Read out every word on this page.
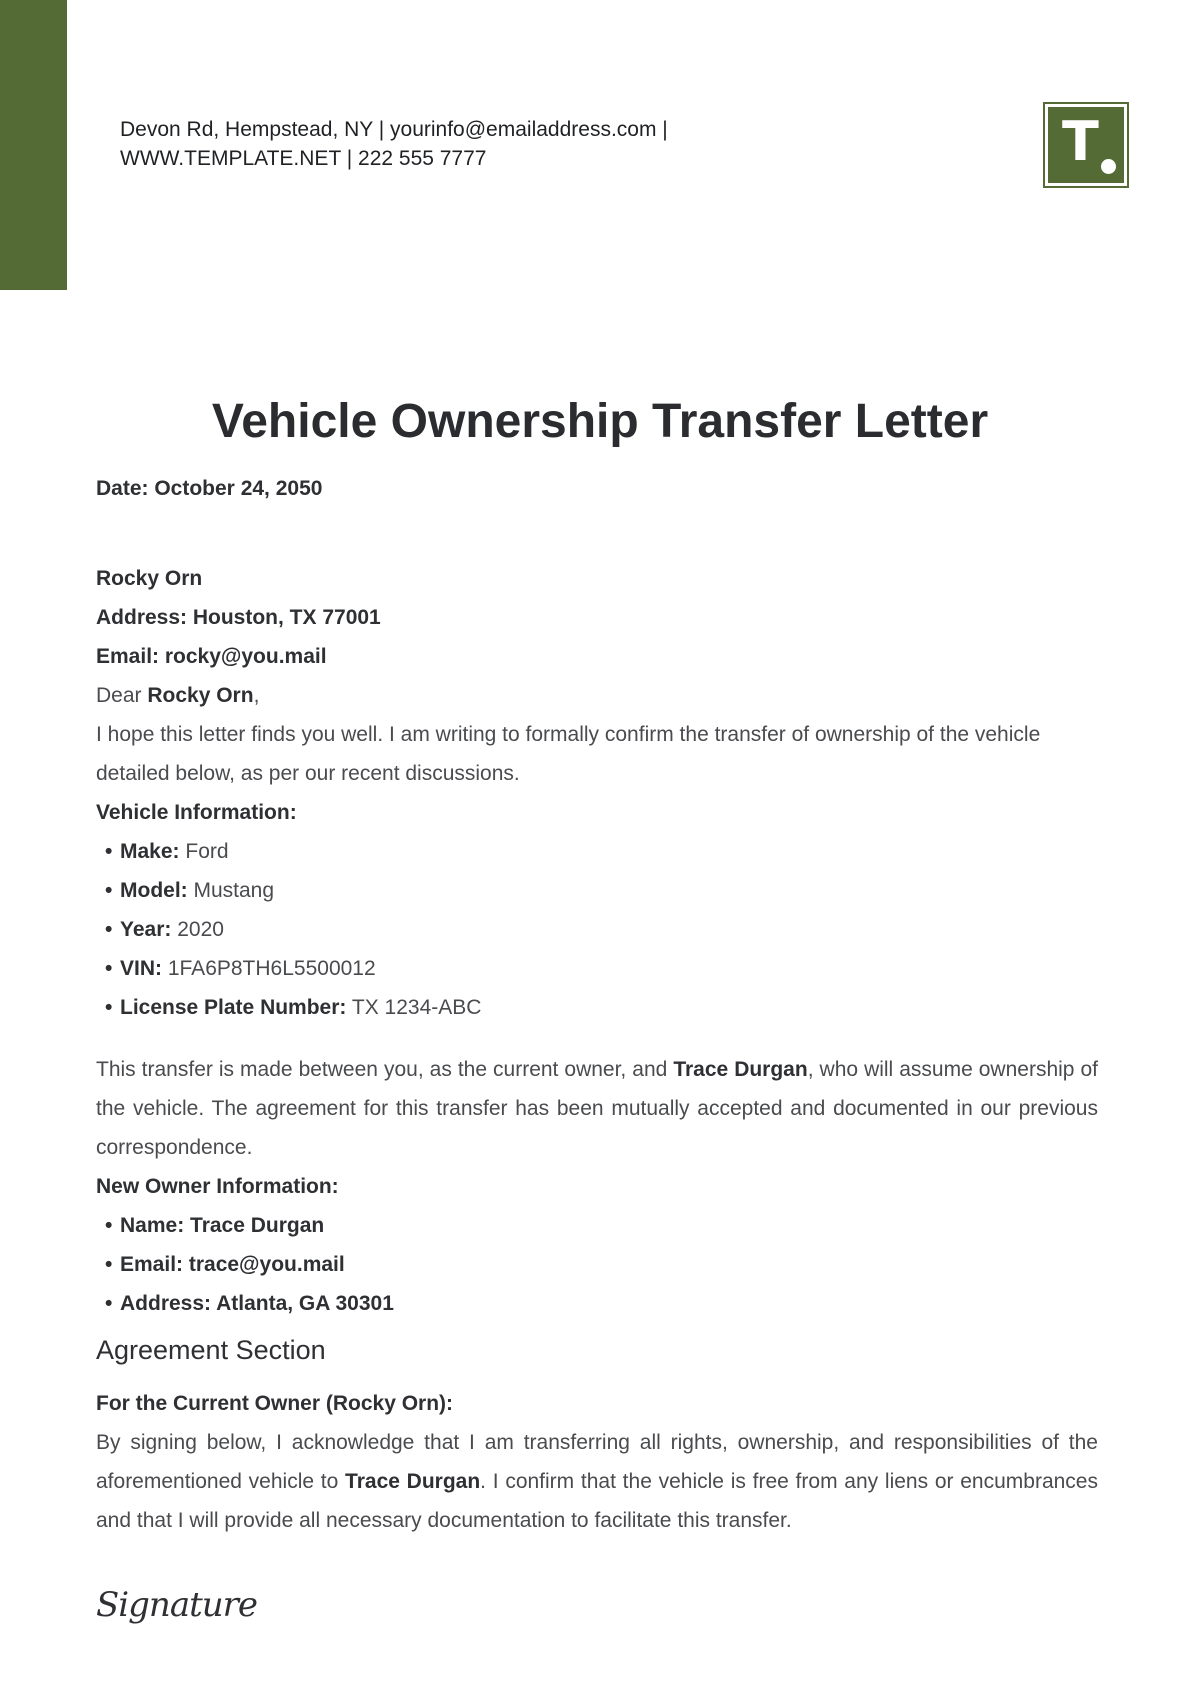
Devon Rd, Hempstead, NY | yourinfo@emailaddress.com |
WWW.TEMPLATE.NET | 222 555 7777	T
Vehicle Ownership Transfer Letter

Date: October 24, 2050

Rocky Orn

Address: Houston, TX 77001

Email: rocky@you.mail

Dear Rocky Orn,

I hope this letter finds you well. I am writing to formally confirm the transfer of ownership of the vehicle detailed below, as per our recent discussions.

Vehicle Information:

• Make: Ford
• Model: Mustang
• Year: 2020
• VIN: 1FA6P8TH6L5500012
• License Plate Number: TX 1234-ABC

This transfer is made between you, as the current owner, and Trace Durgan, who will assume ownership of the vehicle. The agreement for this transfer has been mutually accepted and documented in our previous correspondence.

New Owner Information:

• Name: Trace Durgan
• Email: trace@you.mail
• Address: Atlanta, GA 30301
Agreement Section

For the Current Owner (Rocky Orn):

By signing below, I acknowledge that I am transferring all rights, ownership, and responsibilities of the aforementioned vehicle to Trace Durgan. I confirm that the vehicle is free from any liens or encumbrances and that I will provide all necessary documentation to facilitate this transfer.

Signature
